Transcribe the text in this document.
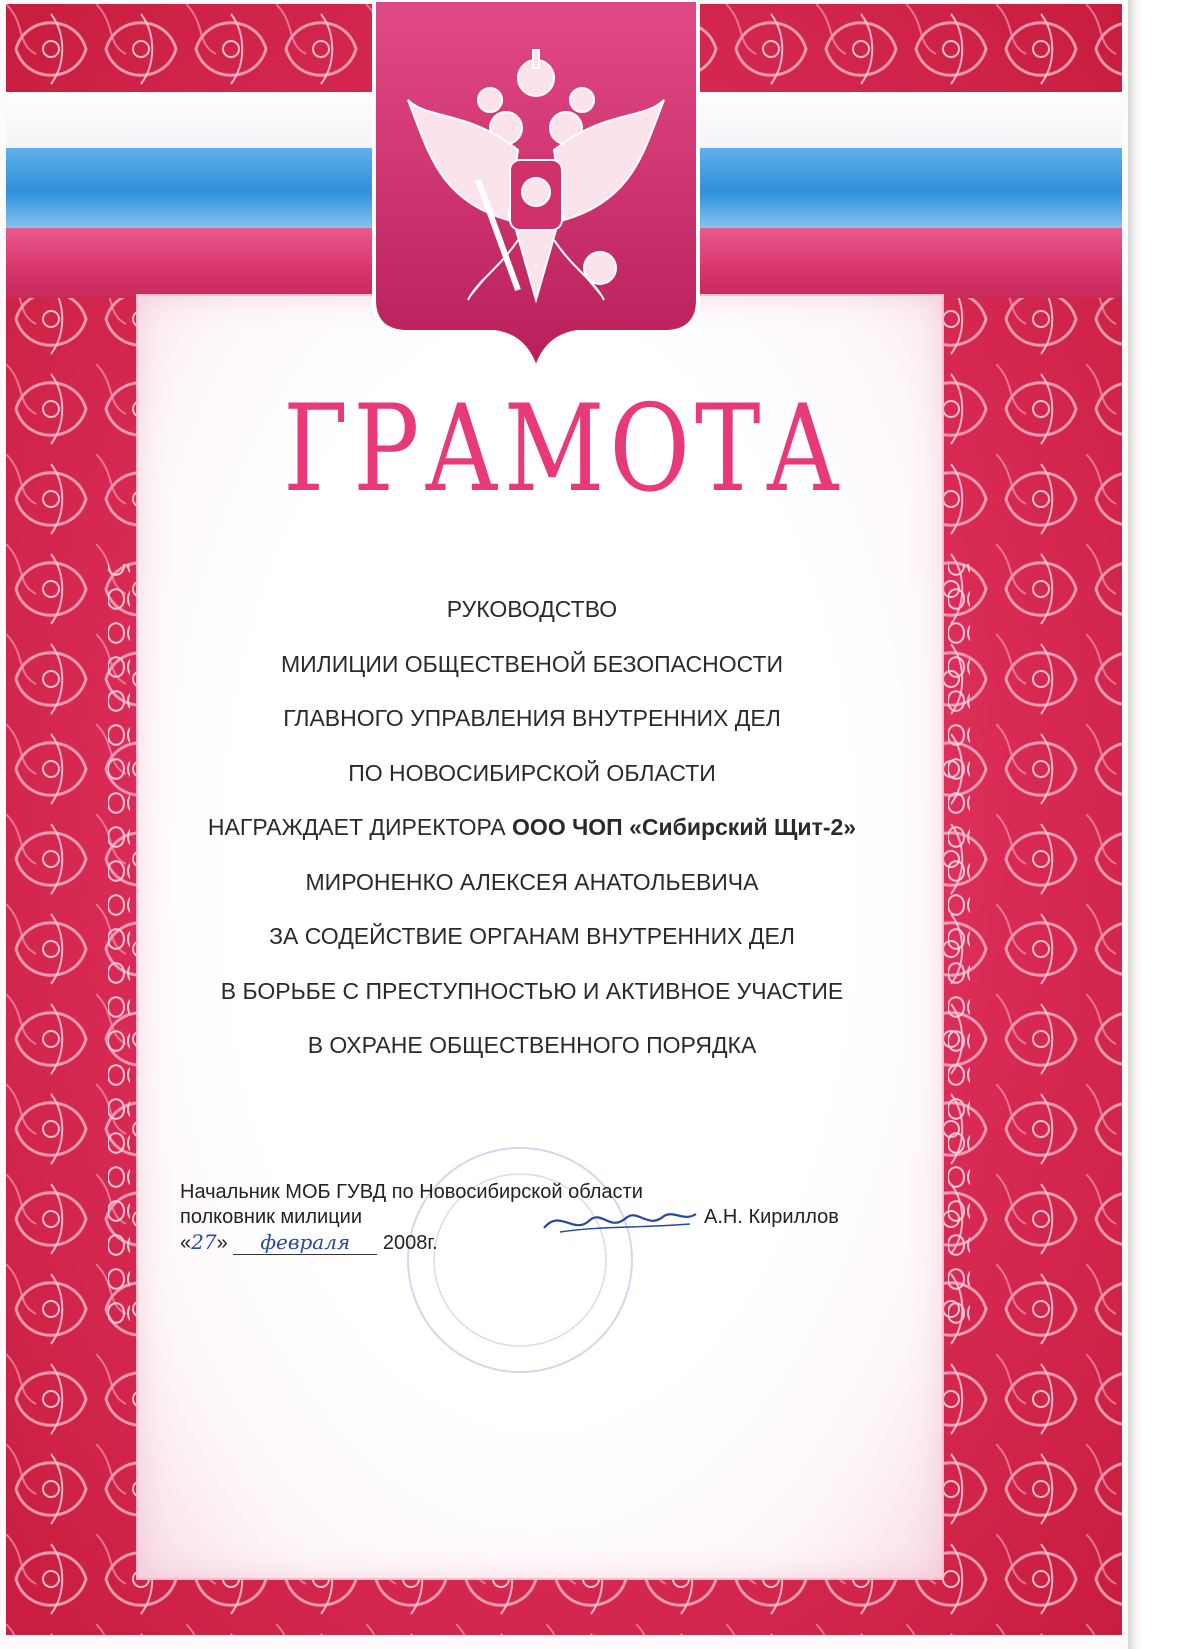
ГРАМОТА
РУКОВОДСТВО
МИЛИЦИИ ОБЩЕСТВЕНОЙ БЕЗОПАСНОСТИ
ГЛАВНОГО УПРАВЛЕНИЯ ВНУТРЕННИХ ДЕЛ
ПО НОВОСИБИРСКОЙ ОБЛАСТИ
НАГРАЖДАЕТ ДИРЕКТОРА ООО ЧОП «Сибирский Щит-2»
МИРОНЕНКО АЛЕКСЕЯ АНАТОЛЬЕВИЧА
ЗА СОДЕЙСТВИЕ ОРГАНАМ ВНУТРЕННИХ ДЕЛ
В БОРЬБЕ С ПРЕСТУПНОСТЬЮ И АКТИВНОЕ УЧАСТИЕ
В ОХРАНЕ ОБЩЕСТВЕННОГО ПОРЯДКА
Начальник МОБ ГУВД по Новосибирской области
полковник милиции	А.Н. Кириллов
«27» февраля 2008г.
